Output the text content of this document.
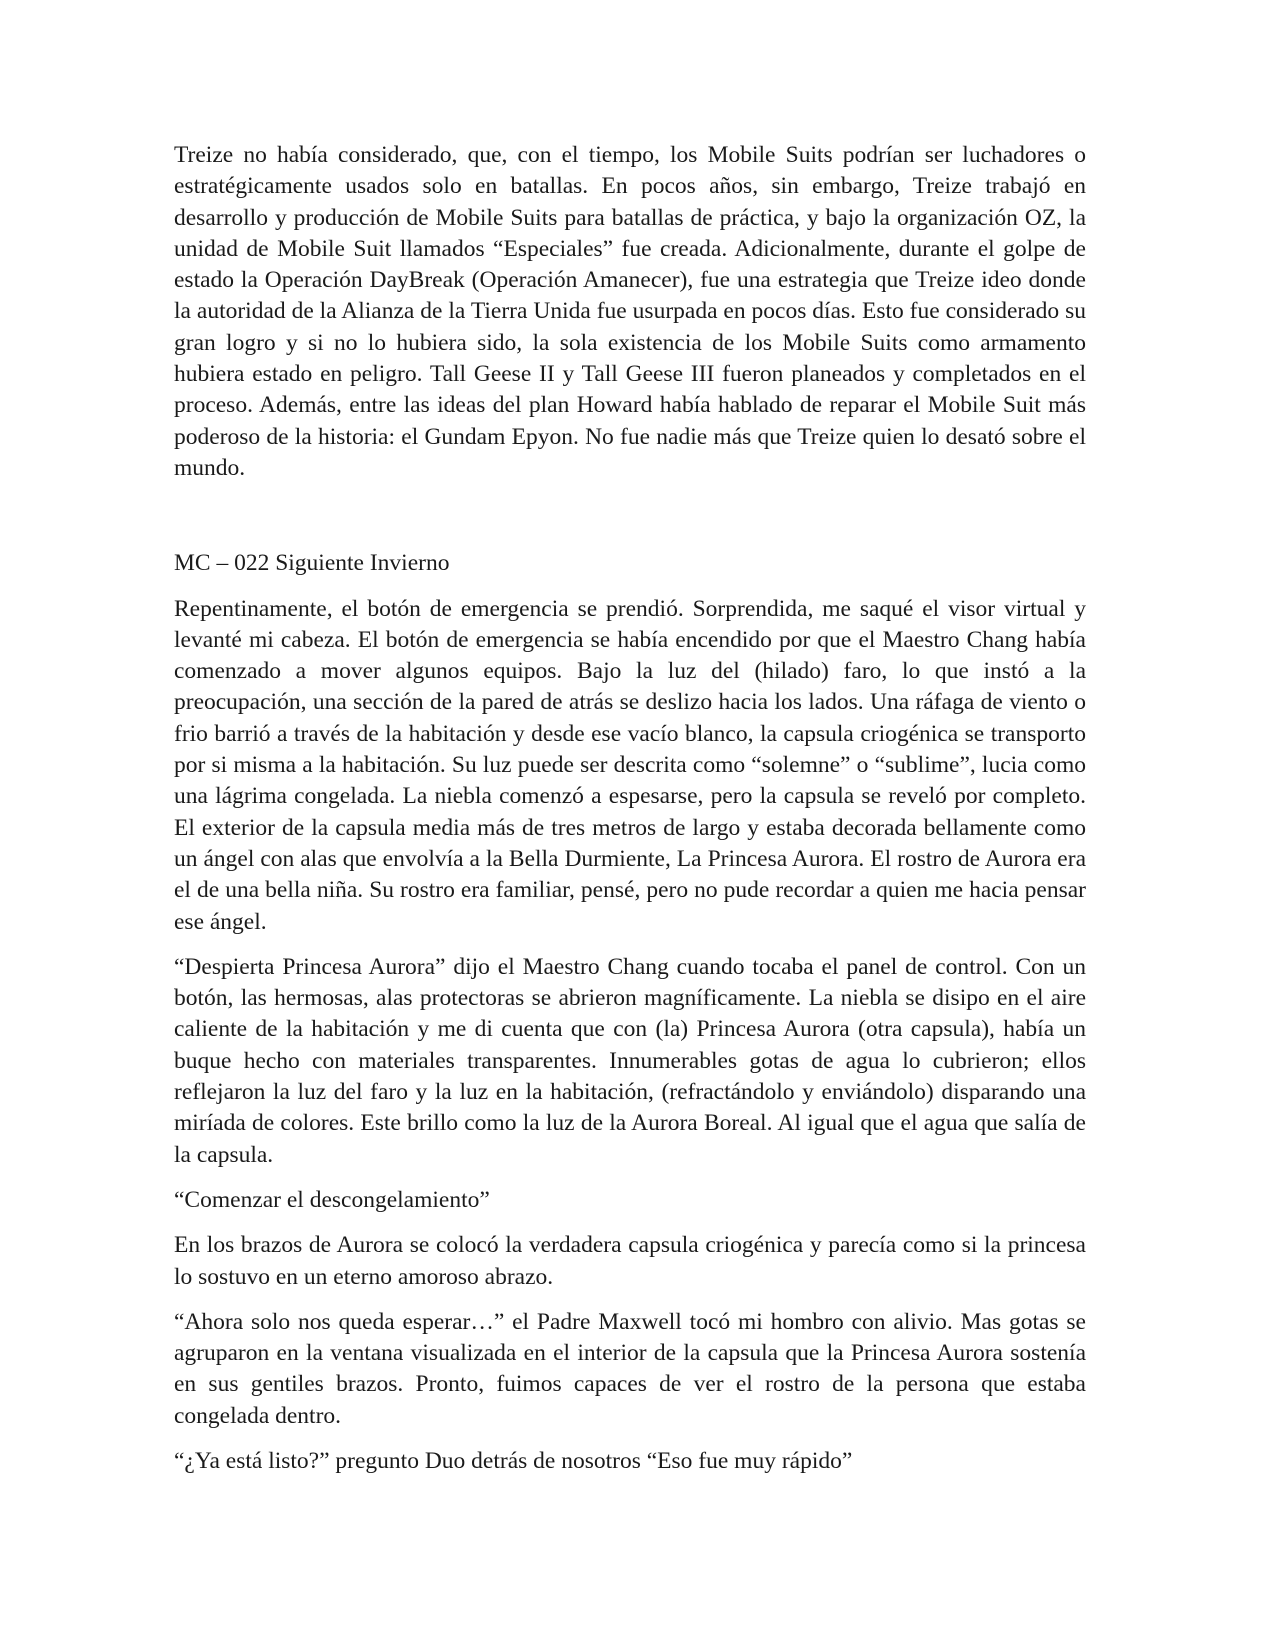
Treize no había considerado, que, con el tiempo, los Mobile Suits podrían ser luchadores o estratégicamente usados solo en batallas. En pocos años, sin embargo, Treize trabajó en desarrollo y producción de Mobile Suits para batallas de práctica, y bajo la organización OZ, la unidad de Mobile Suit llamados “Especiales” fue creada. Adicionalmente, durante el golpe de estado la Operación DayBreak (Operación Amanecer), fue una estrategia que Treize ideo donde la autoridad de la Alianza de la Tierra Unida fue usurpada en pocos días. Esto fue considerado su gran logro y si no lo hubiera sido, la sola existencia de los Mobile Suits como armamento hubiera estado en peligro. Tall Geese II y Tall Geese III fueron planeados y completados en el proceso. Además, entre las ideas del plan Howard había hablado de reparar el Mobile Suit más poderoso de la historia: el Gundam Epyon. No fue nadie más que Treize quien lo desató sobre el mundo.

MC – 022 Siguiente Invierno

Repentinamente, el botón de emergencia se prendió. Sorprendida, me saqué el visor virtual y levanté mi cabeza. El botón de emergencia se había encendido por que el Maestro Chang había comenzado a mover algunos equipos. Bajo la luz del (hilado) faro, lo que instó a la preocupación, una sección de la pared de atrás se deslizo hacia los lados. Una ráfaga de viento o frio barrió a través de la habitación y desde ese vacío blanco, la capsula criogénica se transporto por si misma a la habitación. Su luz puede ser descrita como “solemne” o “sublime”, lucia como una lágrima congelada. La niebla comenzó a espesarse, pero la capsula se reveló por completo. El exterior de la capsula media más de tres metros de largo y estaba decorada bellamente como un ángel con alas que envolvía a la Bella Durmiente, La Princesa Aurora. El rostro de Aurora era el de una bella niña. Su rostro era familiar, pensé, pero no pude recordar a quien me hacia pensar ese ángel.

“Despierta Princesa Aurora” dijo el Maestro Chang cuando tocaba el panel de control. Con un botón, las hermosas, alas protectoras se abrieron magníficamente. La niebla se disipo en el aire caliente de la habitación y me di cuenta que con (la) Princesa Aurora (otra capsula), había un buque hecho con materiales transparentes. Innumerables gotas de agua lo cubrieron; ellos reflejaron la luz del faro y la luz en la habitación, (refractándolo y enviándolo) disparando una miríada de colores. Este brillo como la luz de la Aurora Boreal. Al igual que el agua que salía de la capsula.

“Comenzar el descongelamiento”

En los brazos de Aurora se colocó la verdadera capsula criogénica y parecía como si la princesa lo sostuvo en un eterno amoroso abrazo.

“Ahora solo nos queda esperar…” el Padre Maxwell tocó mi hombro con alivio. Mas gotas se agruparon en la ventana visualizada en el interior de la capsula que la Princesa Aurora sostenía en sus gentiles brazos. Pronto, fuimos capaces de ver el rostro de la persona que estaba congelada dentro.

“¿Ya está listo?” pregunto Duo detrás de nosotros “Eso fue muy rápido”
